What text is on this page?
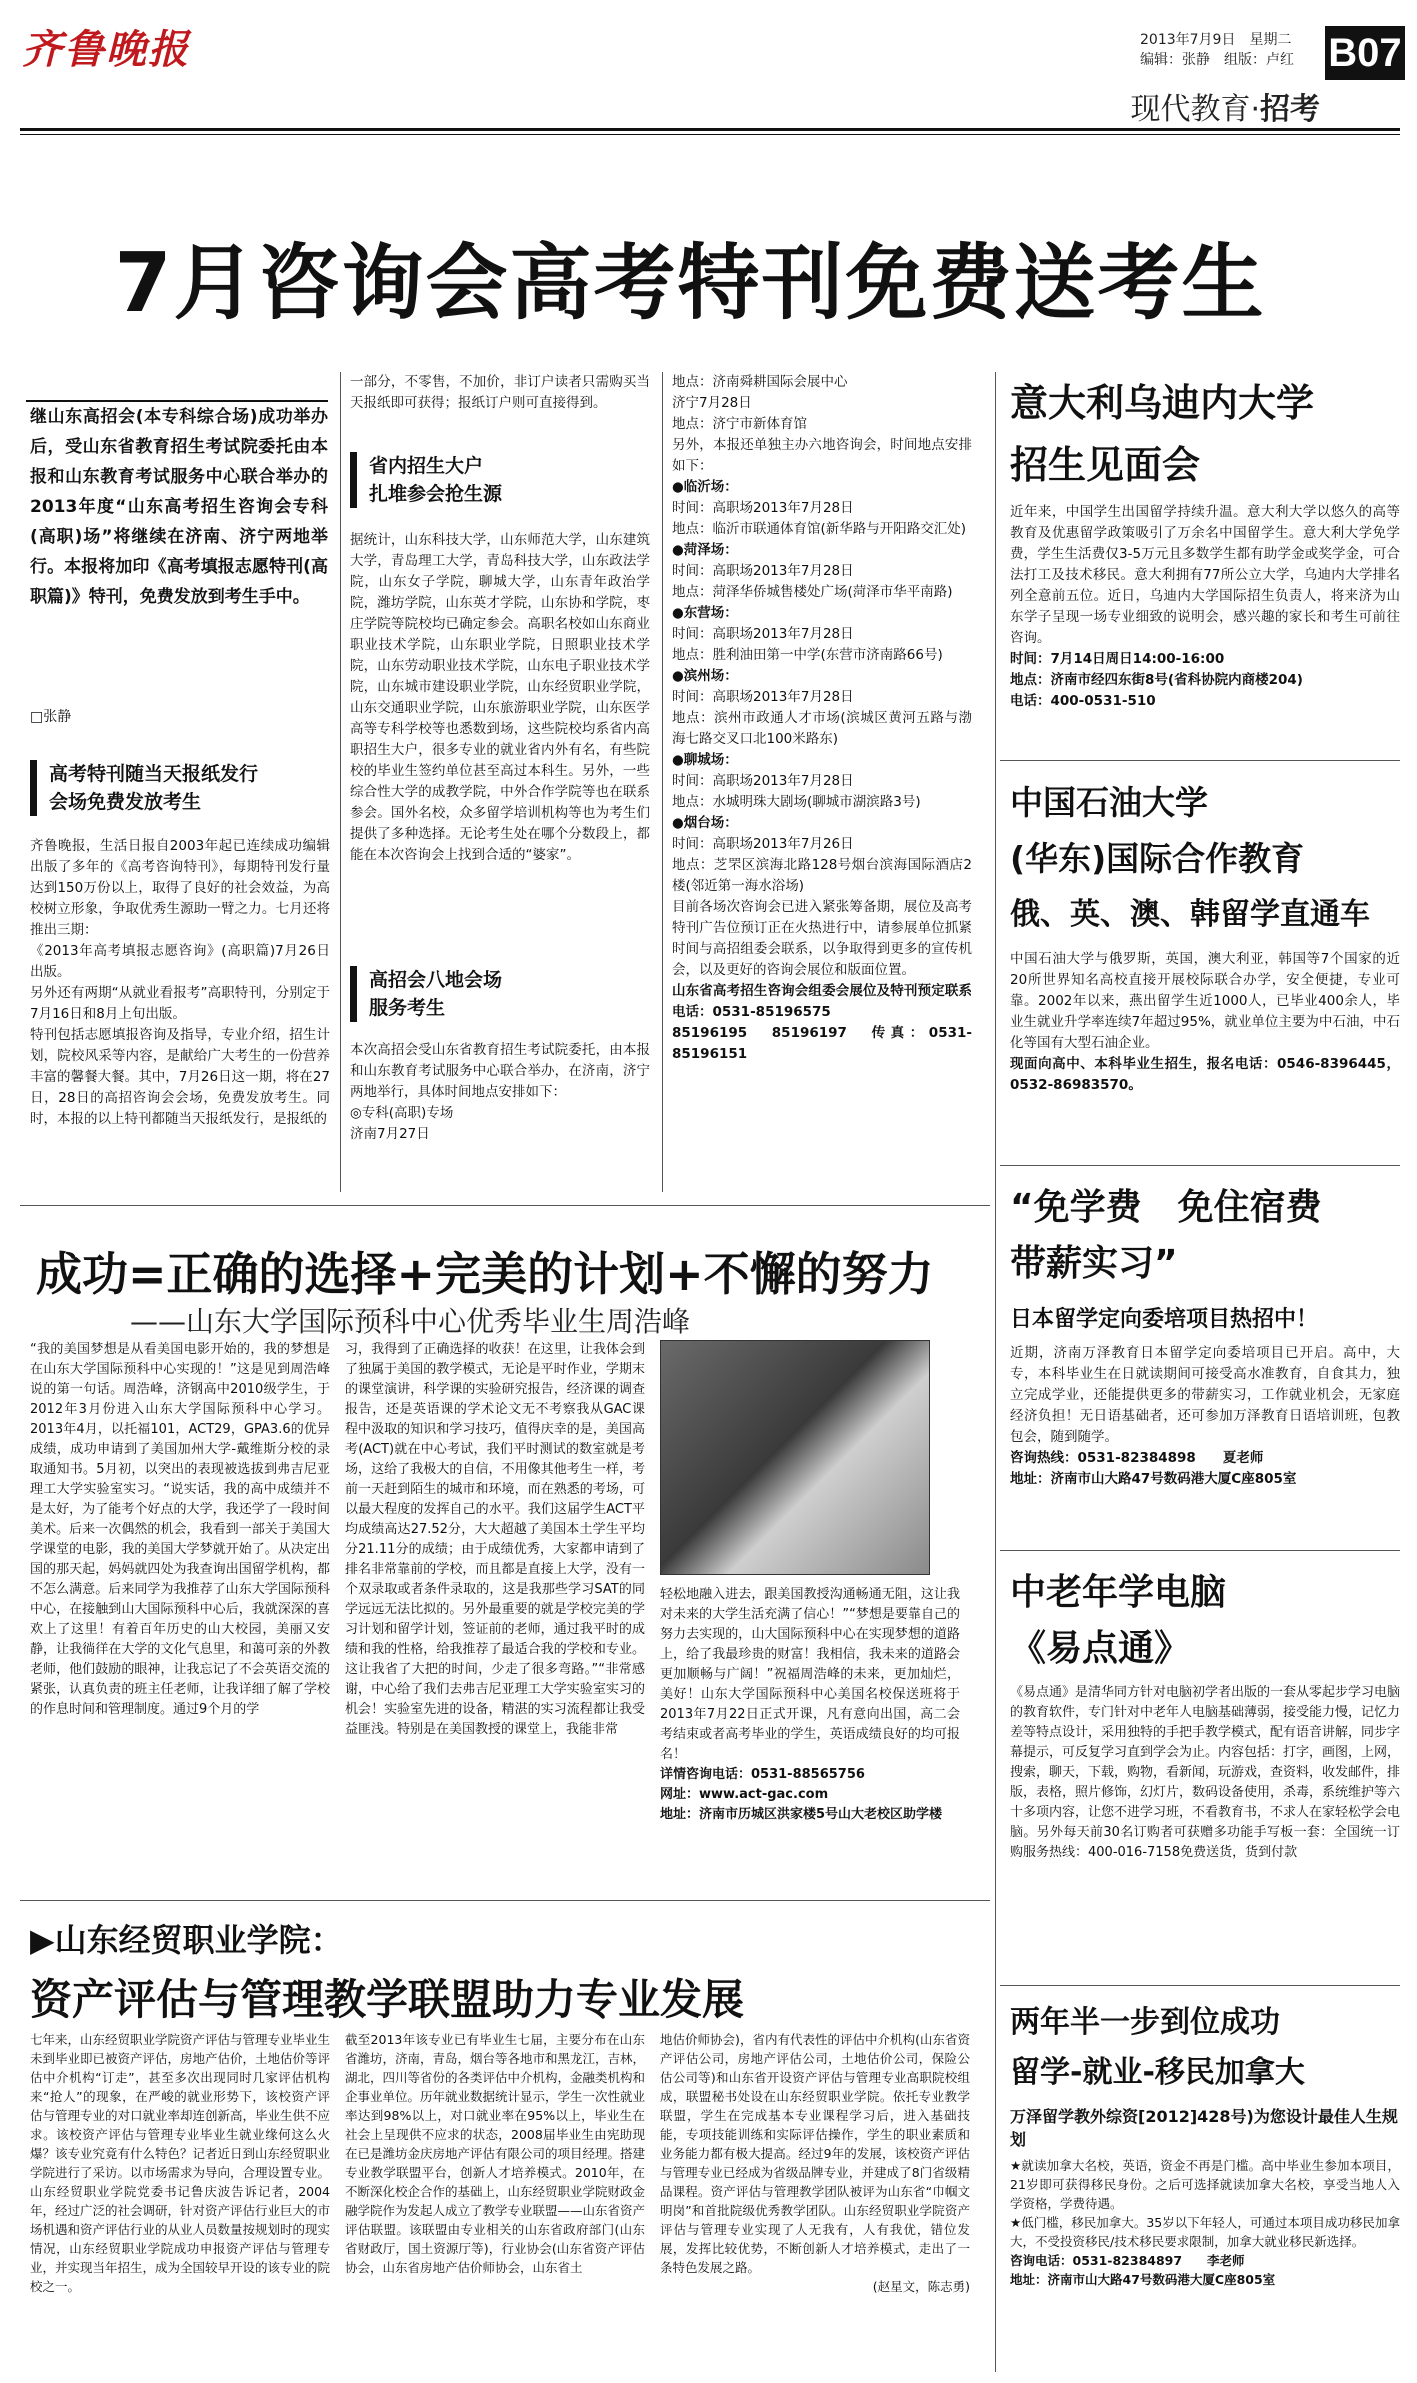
齐鲁晚报	2013年7月9日　星期二
编辑：张静　组版：卢红 B07
现代教育·招考
7月咨询会高考特刊免费送考生
继山东高招会(本专科综合场)成功举办后，受山东省教育招生考试院委托由本报和山东教育考试服务中心联合举办的2013年度“山东高考招生咨询会专科(高职)场”将继续在济南、济宁两地举行。本报将加印《高考填报志愿特刊(高职篇)》特刊，免费发放到考生手中。
□张静
高考特刊随当天报纸发行
会场免费发放考生

齐鲁晚报，生活日报自2003年起已连续成功编辑出版了多年的《高考咨询特刊》，每期特刊发行量达到150万份以上，取得了良好的社会效益，为高校树立形象，争取优秀生源助一臂之力。七月还将推出三期：

《2013年高考填报志愿咨询》(高职篇)7月26日出版。

另外还有两期“从就业看报考”高职特刊，分别定于7月16日和8月上旬出版。

特刊包括志愿填报咨询及指导，专业介绍，招生计划，院校风采等内容，是献给广大考生的一份营养丰富的馨餐大餐。其中，7月26日这一期，将在27日，28日的高招咨询会会场，免费发放考生。同时，本报的以上特刊都随当天报纸发行，是报纸的

一部分，不零售，不加价，非订户读者只需购买当天报纸即可获得；报纸订户则可直接得到。
省内招生大户
扎堆参会抢生源
据统计，山东科技大学，山东师范大学，山东建筑大学，青岛理工大学，青岛科技大学，山东政法学院，山东女子学院，聊城大学，山东青年政治学院，潍坊学院，山东英才学院，山东协和学院，枣庄学院等院校均已确定参会。高职名校如山东商业职业技术学院，山东职业学院，日照职业技术学院，山东劳动职业技术学院，山东电子职业技术学院，山东城市建设职业学院，山东经贸职业学院，山东交通职业学院，山东旅游职业学院，山东医学高等专科学校等也悉数到场，这些院校均系省内高职招生大户，很多专业的就业省内外有名，有些院校的毕业生签约单位甚至高过本科生。另外，一些综合性大学的成教学院，中外合作学院等也在联系参会。国外名校，众多留学培训机构等也为考生们提供了多种选择。无论考生处在哪个分数段上，都能在本次咨询会上找到合适的“婆家”。
高招会八地会场
服务考生

本次高招会受山东省教育招生考试院委托，由本报和山东教育考试服务中心联合举办，在济南，济宁两地举行，具体时间地点安排如下：

◎专科(高职)专场

济南7月27日

地点：济南舜耕国际会展中心

济宁7月28日

地点：济宁市新体育馆

另外，本报还单独主办六地咨询会，时间地点安排如下：

●临沂场：

时间：高职场2013年7月28日

地点：临沂市联通体育馆(新华路与开阳路交汇处)

●菏泽场：

时间：高职场2013年7月28日

地点：菏泽华侨城售楼处广场(菏泽市华平南路)

●东营场：

时间：高职场2013年7月28日

地点：胜利油田第一中学(东营市济南路66号)

●滨州场：

时间：高职场2013年7月28日

地点：滨州市政通人才市场(滨城区黄河五路与渤海七路交叉口北100米路东)

●聊城场：

时间：高职场2013年7月28日

地点：水城明珠大剧场(聊城市湖滨路3号)

●烟台场：

时间：高职场2013年7月26日

地点：芝罘区滨海北路128号烟台滨海国际酒店2楼(邻近第一海水浴场)

目前各场次咨询会已进入紧张筹备期，展位及高考特刊广告位预订正在火热进行中，请参展单位抓紧时间与高招组委会联系，以争取得到更多的宣传机会，以及更好的咨询会展位和版面位置。

山东省高考招生咨询会组委会展位及特刊预定联系电话：0531-85196575

85196195　85196197　传真：0531-85196151

成功=正确的选择+完美的计划+不懈的努力
——山东大学国际预科中心优秀毕业生周浩峰
“我的美国梦想是从看美国电影开始的，我的梦想是在山东大学国际预科中心实现的！”这是见到周浩峰说的第一句话。周浩峰，济钢高中2010级学生，于2012年3月份进入山东大学国际预科中心学习。2013年4月，以托福101，ACT29，GPA3.6的优异成绩，成功申请到了美国加州大学-戴维斯分校的录取通知书。5月初，以突出的表现被选拔到弗吉尼亚理工大学实验室实习。“说实话，我的高中成绩并不是太好，为了能考个好点的大学，我还学了一段时间美术。后来一次偶然的机会，我看到一部关于美国大学课堂的电影，我的美国大学梦就开始了。从决定出国的那天起，妈妈就四处为我查询出国留学机构，都不怎么满意。后来同学为我推荐了山东大学国际预科中心，在接触到山大国际预科中心后，我就深深的喜欢上了这里！有着百年历史的山大校园，美丽又安静，让我徜徉在大学的文化气息里，和蔼可亲的外教老师，他们鼓励的眼神，让我忘记了不会英语交流的紧张，认真负责的班主任老师，让我详细了解了学校的作息时间和管理制度。通过9个月的学
习，我得到了正确选择的收获！在这里，让我体会到了独属于美国的教学模式，无论是平时作业，学期末的课堂演讲，科学课的实验研究报告，经济课的调查报告，还是英语课的学术论文无不考察我从GAC课程中汲取的知识和学习技巧，值得庆幸的是，美国高考(ACT)就在中心考试，我们平时测试的数室就是考场，这给了我极大的自信，不用像其他考生一样，考前一天赶到陌生的城市和环境，而在熟悉的考场，可以最大程度的发挥自己的水平。我们这届学生ACT平均成绩高达27.52分，大大超越了美国本土学生平均分21.11分的成绩；由于成绩优秀，大家都申请到了排名非常靠前的学校，而且都是直接上大学，没有一个双录取或者条件录取的，这是我那些学习SAT的同学远远无法比拟的。另外最重要的就是学校完美的学习计划和留学计划，签证前的老师，通过我平时的成绩和我的性格，给我推荐了最适合我的学校和专业。这让我省了大把的时间，少走了很多弯路。”“非常感谢，中心给了我们去弗吉尼亚理工大学实验室实习的机会！实验室先进的设备，精湛的实习流程都让我受益匪浅。特别是在美国教授的课堂上，我能非常

轻松地融入进去，跟美国教授沟通畅通无阻，这让我对未来的大学生活充满了信心！”“梦想是要靠自己的努力去实现的，山大国际预科中心在实现梦想的道路上，给了我最珍贵的财富！我相信，我未来的道路会更加顺畅与广阔！”祝福周浩峰的未来，更加灿烂，美好！山东大学国际预科中心美国名校保送班将于2013年7月22日正式开课，凡有意向出国，高二会考结束或者高考毕业的学生，英语成绩良好的均可报名！

详情咨询电话：0531-88565756

网址：www.act-gac.com

地址：济南市历城区洪家楼5号山大老校区助学楼

▶山东经贸职业学院：
资产评估与管理教学联盟助力专业发展
七年来，山东经贸职业学院资产评估与管理专业毕业生未到毕业即已被资产评估，房地产估价，土地估价等评估中介机构“订走”，甚至多次出现同时几家评估机构来“抢人”的现象，在严峻的就业形势下，该校资产评估与管理专业的对口就业率却连创新高，毕业生供不应求。该校资产评估与管理专业毕业生就业缘何这么火爆？该专业究竟有什么特色？记者近日到山东经贸职业学院进行了采访。以市场需求为导向，合理设置专业。山东经贸职业学院党委书记鲁庆波告诉记者，2004年，经过广泛的社会调研，针对资产评估行业巨大的市场机遇和资产评估行业的从业人员数量按规划时的现实情况，山东经贸职业学院成功申报资产评估与管理专业，并实现当年招生，成为全国较早开设的该专业的院校之一。
截至2013年该专业已有毕业生七届，主要分布在山东省潍坊，济南，青岛，烟台等各地市和黑龙江，吉林，湖北，四川等省份的各类评估中介机构，金融类机构和企事业单位。历年就业数据统计显示，学生一次性就业率达到98%以上，对口就业率在95%以上，毕业生在社会上呈现供不应求的状态，2008届毕业生由宪助现在已是潍坊金庆房地产评估有限公司的项目经理。搭建专业教学联盟平台，创新人才培养模式。2010年，在不断深化校企合作的基础上，山东经贸职业学院财政金融学院作为发起人成立了教学专业联盟——山东省资产评估联盟。该联盟由专业相关的山东省政府部门(山东省财政厅，国土资源厅等)，行业协会(山东省资产评估协会，山东省房地产估价师协会，山东省土

地估价师协会)，省内有代表性的评估中介机构(山东省资产评估公司，房地产评估公司，土地估价公司，保险公估公司等)和山东省开设资产评估与管理专业高职院校组成，联盟秘书处设在山东经贸职业学院。依托专业教学联盟，学生在完成基本专业课程学习后，进入基础技能，专项技能训练和实际评估操作，学生的职业素质和业务能力都有极大提高。经过9年的发展，该校资产评估与管理专业已经成为省级品牌专业，并建成了8门省级精品课程。资产评估与管理教学团队被评为山东省“巾帼文明岗”和首批院级优秀教学团队。山东经贸职业学院资产评估与管理专业实现了人无我有，人有我优，错位发展，发挥比较优势，不断创新人才培养模式，走出了一条特色发展之路。

(赵星文，陈志勇)

意大利乌迪内大学
招生见面会
近年来，中国学生出国留学持续升温。意大利大学以悠久的高等教育及优惠留学政策吸引了万余名中国留学生。意大利大学免学费，学生生活费仅3-5万元且多数学生都有助学金或奖学金，可合法打工及技术移民。意大利拥有77所公立大学，乌迪内大学排名列全意前五位。近日，乌迪内大学国际招生负责人，将来济为山东学子呈现一场专业细致的说明会，感兴趣的家长和考生可前往咨询。
时间：7月14日周日14:00-16:00
地点：济南市经四东街8号(省科协院内商楼204)
电话：400-0531-510
中国石油大学
(华东)国际合作教育
俄、英、澳、韩留学直通车
中国石油大学与俄罗斯，英国，澳大利亚，韩国等7个国家的近20所世界知名高校直接开展校际联合办学，安全便捷，专业可靠。2002年以来，燕出留学生近1000人，已毕业400余人，毕业生就业升学率连续7年超过95%，就业单位主要为中石油，中石化等国有大型石油企业。
现面向高中、本科毕业生招生，报名电话：0546-8396445，0532-86983570。
“免学费　免住宿费
带薪实习”
日本留学定向委培项目热招中！
近期，济南万泽教育日本留学定向委培项目已开启。高中，大专，本科毕业生在日就读期间可接受高水准教育，自食其力，独立完成学业，还能提供更多的带薪实习，工作就业机会，无家庭经济负担！无日语基础者，还可参加万泽教育日语培训班，包教包会，随到随学。
咨询热线：0531-82384898　　夏老师
地址：济南市山大路47号数码港大厦C座805室
中老年学电脑
《易点通》
《易点通》是清华同方针对电脑初学者出版的一套从零起步学习电脑的教育软件，专门针对中老年人电脑基础薄弱，接受能力慢，记忆力差等特点设计，采用独特的手把手教学模式，配有语音讲解，同步字幕提示，可反复学习直到学会为止。内容包括：打字，画图，上网，搜索，聊天，下载，购物，看新闻，玩游戏，查资料，收发邮件，排版，表格，照片修饰，幻灯片，数码设备使用，杀毒，系统维护等六十多项内容，让您不进学习班，不看教育书，不求人在家轻松学会电脑。另外每天前30名订购者可获赠多功能手写板一套：全国统一订购服务热线：400-016-7158免费送货，货到付款
两年半一步到位成功
留学-就业-移民加拿大
万泽留学教外综资[2012]428号)为您设计最佳人生规划
★就读加拿大名校，英语，资金不再是门槛。高中毕业生参加本项目，21岁即可获得移民身份。之后可选择就读加拿大名校，享受当地人入学资格，学费待遇。
★低门槛，移民加拿大。35岁以下年轻人，可通过本项目成功移民加拿大，不受投资移民/技术移民要求限制，加拿大就业移民新选择。
咨询电话：0531-82384897　　李老师
地址：济南市山大路47号数码港大厦C座805室
